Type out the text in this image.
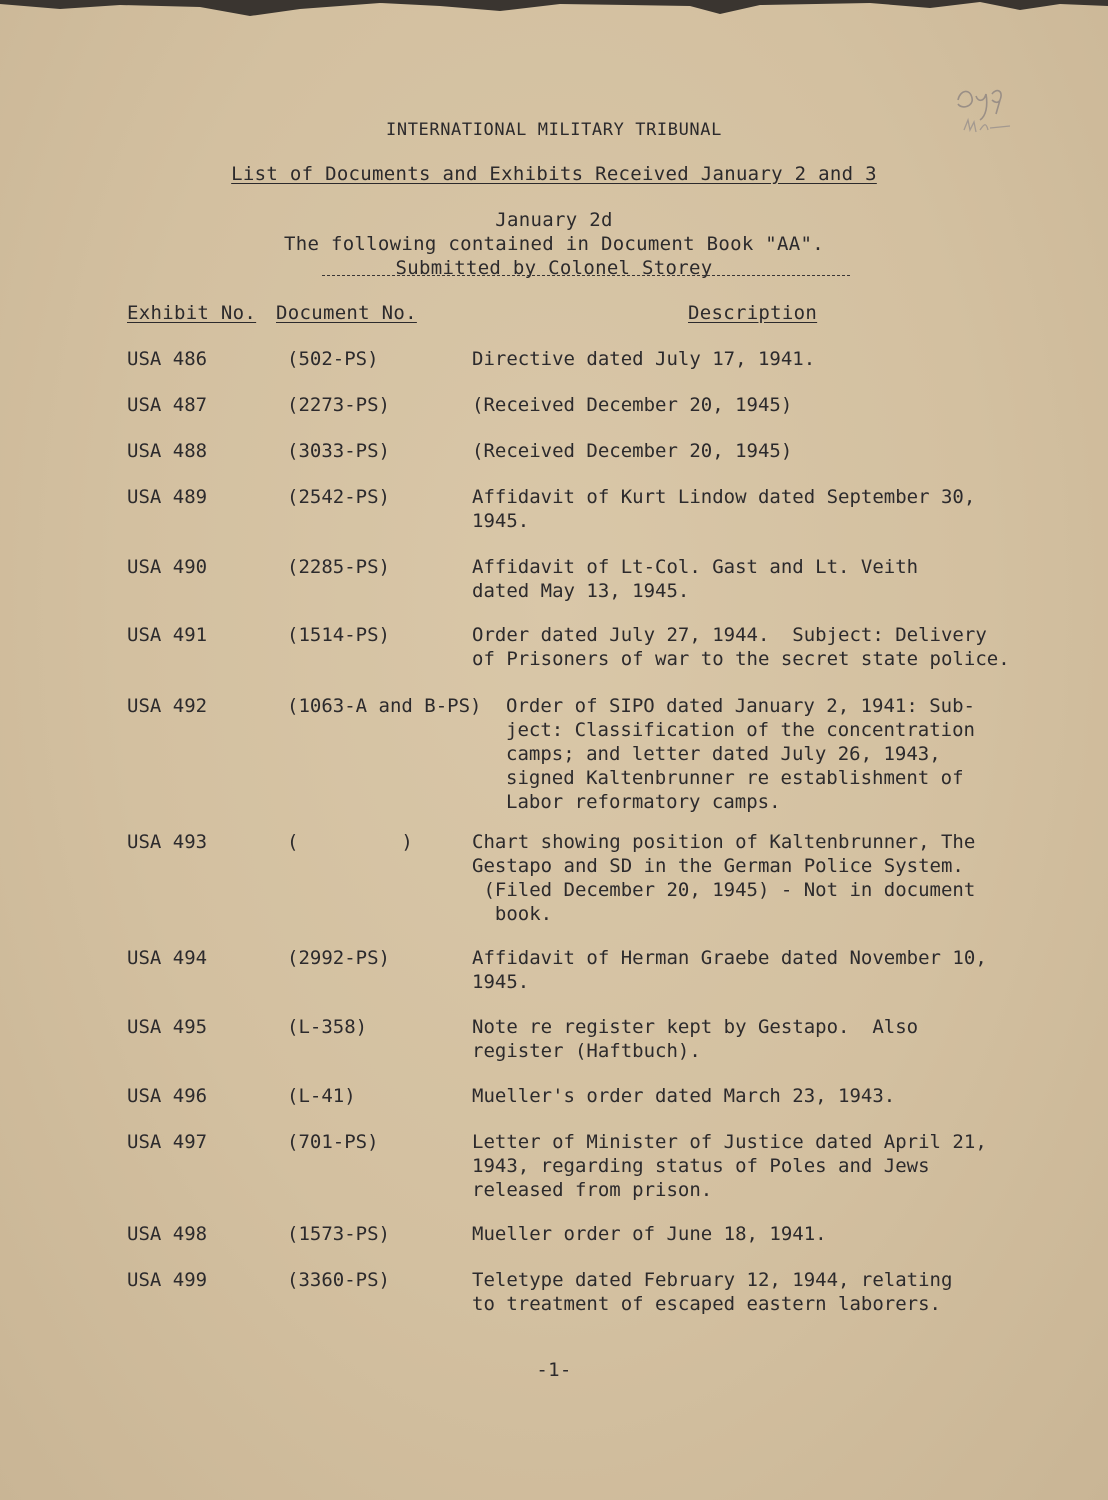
INTERNATIONAL MILITARY TRIBUNAL
List of Documents and Exhibits Received January 2 and 3
January 2d
The following contained in Document Book "AA".
Submitted by Colonel Storey
Exhibit No. Document No.	Description
USA 486	(502-PS)	Directive dated July 17, 1941.
USA 487	(2273-PS)	(Received December 20, 1945)
USA 488	(3033-PS)	(Received December 20, 1945)
USA 489	(2542-PS)	Affidavit of Kurt Lindow dated September 30,
1945.
USA 490	(2285-PS)	Affidavit of Lt-Col. Gast and Lt. Veith
dated May 13, 1945.
USA 491	(1514-PS)	Order dated July 27, 1944.  Subject: Delivery
of Prisoners of war to the secret state police.
USA 492	(1063-A and B-PS) Order of SIPO dated January 2, 1941: Sub-
ject: Classification of the concentration
camps; and letter dated July 26, 1943,
signed Kaltenbrunner re establishment of
Labor reformatory camps.
USA 493	(         )	Chart showing position of Kaltenbrunner, The
Gestapo and SD in the German Police System.
(Filed December 20, 1945) - Not in document
book.
USA 494	(2992-PS)	Affidavit of Herman Graebe dated November 10,
1945.
USA 495	(L-358)	Note re register kept by Gestapo.  Also
register (Haftbuch).
USA 496	(L-41)	Mueller's order dated March 23, 1943.
USA 497	(701-PS)	Letter of Minister of Justice dated April 21,
1943, regarding status of Poles and Jews
released from prison.
USA 498	(1573-PS)	Mueller order of June 18, 1941.
USA 499	(3360-PS)	Teletype dated February 12, 1944, relating
to treatment of escaped eastern laborers.
-1-
